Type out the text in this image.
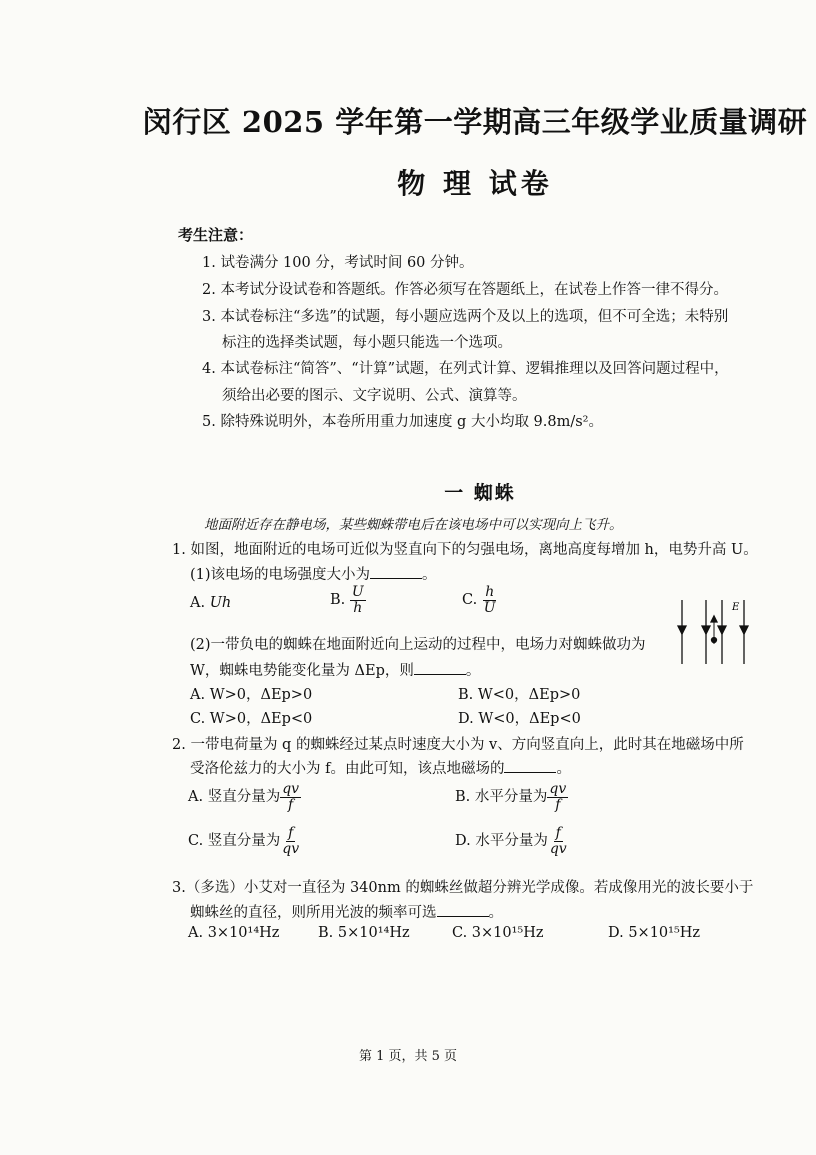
闵行区 2025 学年第一学期高三年级学业质量调研
物 理 试卷
考生注意：
1. 试卷满分 100 分，考试时间 60 分钟。
2. 本考试分设试卷和答题纸。作答必须写在答题纸上，在试卷上作答一律不得分。
3. 本试卷标注“多选”的试题，每小题应选两个及以上的选项，但不可全选；未特别
标注的选择类试题，每小题只能选一个选项。
4. 本试卷标注“简答”、“计算”试题，在列式计算、逻辑推理以及回答问题过程中，
须给出必要的图示、文字说明、公式、演算等。
5. 除特殊说明外，本卷所用重力加速度 g 大小均取 9.8m/s²。
一 蜘蛛
地面附近存在静电场，某些蜘蛛带电后在该电场中可以实现向上飞升。
1. 如图，地面附近的电场可近似为竖直向下的匀强电场，离地高度每增加 h，电势升高 U。
(1)该电场的电场强度大小为	。
A. Uh	B. $\frac{U}{h}$	C. $\frac{h}{U}$
(2)一带负电的蜘蛛在地面附近向上运动的过程中，电场力对蜘蛛做功为
W，蜘蛛电势能变化量为 ΔEp，则	。
E
A. W>0，ΔEp>0	B. W<0，ΔEp>0
C. W>0，ΔEp<0	D. W<0，ΔEp<0
2. 一带电荷量为 q 的蜘蛛经过某点时速度大小为 v、方向竖直向上，此时其在地磁场中所
受洛伦兹力的大小为 f。由此可知，该点地磁场的	。
A. 竖直分量为 $\frac{qv}{f}$	B. 水平分量为 $\frac{qv}{f}$
C. 竖直分量为 $\frac{f}{qv}$	D. 水平分量为 $\frac{f}{qv}$
3.（多选）小艾对一直径为 340nm 的蜘蛛丝做超分辨光学成像。若成像用光的波长要小于
蜘蛛丝的直径，则所用光波的频率可选	。
A. 3×10¹⁴Hz	B. 5×10¹⁴Hz	C. 3×10¹⁵Hz	D. 5×10¹⁵Hz
第 1 页，共 5 页
